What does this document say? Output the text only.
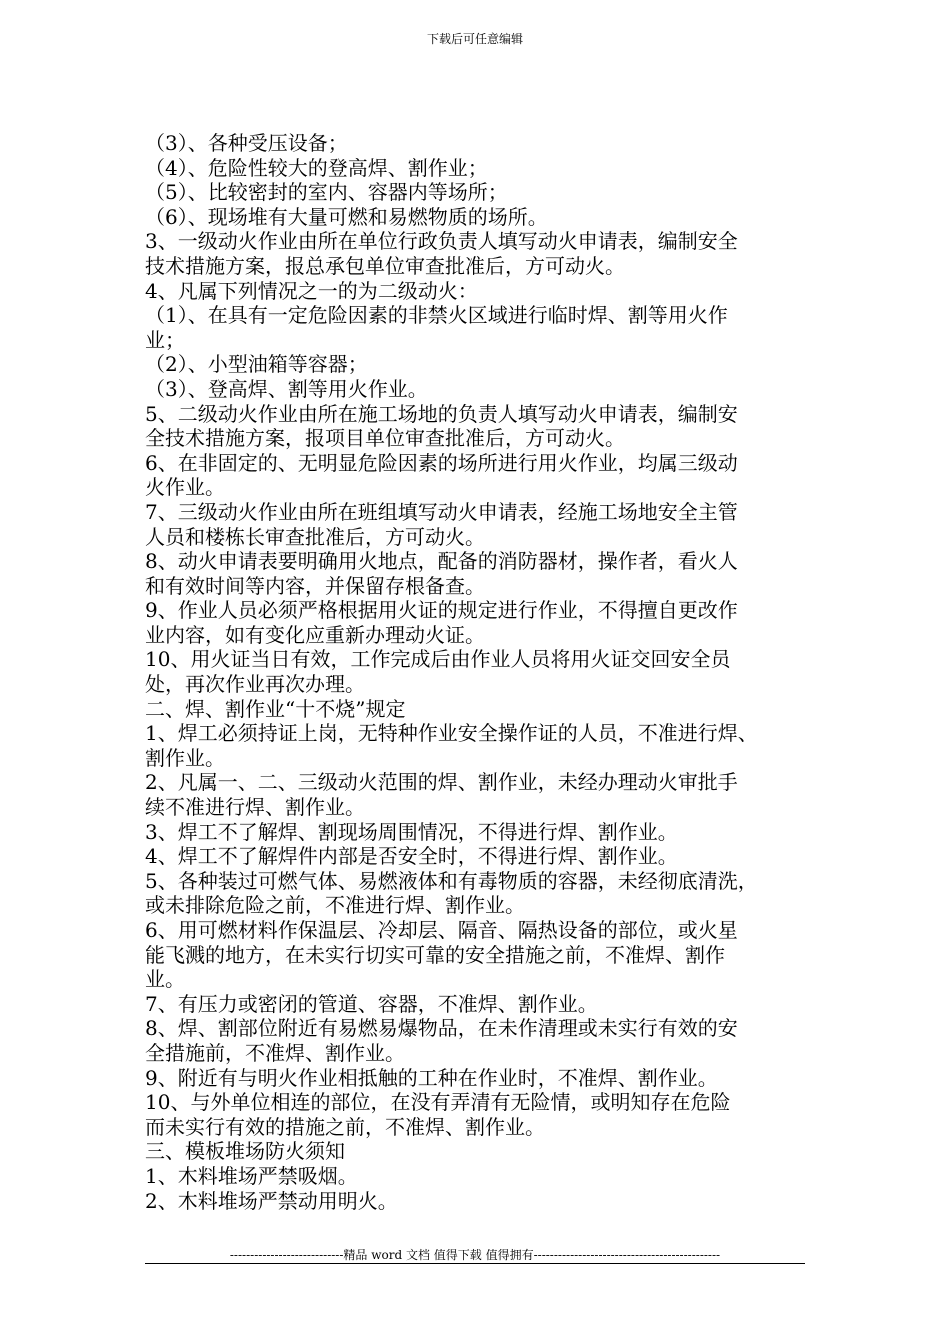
下载后可任意编辑
（3）、各种受压设备；
（4）、危险性较大的登高焊、割作业；
（5）、比较密封的室内、容器内等场所；
（6）、现场堆有大量可燃和易燃物质的场所。
3、一级动火作业由所在单位行政负责人填写动火申请表，编制安全
技术措施方案，报总承包单位审查批准后，方可动火。
4、凡属下列情况之一的为二级动火：
（1）、在具有一定危险因素的非禁火区域进行临时焊、割等用火作
业；
（2）、小型油箱等容器；
（3）、登高焊、割等用火作业。
5、二级动火作业由所在施工场地的负责人填写动火申请表，编制安
全技术措施方案，报项目单位审查批准后，方可动火。
6、在非固定的、无明显危险因素的场所进行用火作业，均属三级动
火作业。
7、三级动火作业由所在班组填写动火申请表，经施工场地安全主管
人员和楼栋长审查批准后，方可动火。
8、动火申请表要明确用火地点，配备的消防器材，操作者，看火人
和有效时间等内容，并保留存根备查。
9、作业人员必须严格根据用火证的规定进行作业，不得擅自更改作
业内容，如有变化应重新办理动火证。
10、用火证当日有效，工作完成后由作业人员将用火证交回安全员
处，再次作业再次办理。
二、焊、割作业“十不烧”规定
1、焊工必须持证上岗，无特种作业安全操作证的人员，不准进行焊、
割作业。
2、凡属一、二、三级动火范围的焊、割作业，未经办理动火审批手
续不准进行焊、割作业。
3、焊工不了解焊、割现场周围情况，不得进行焊、割作业。
4、焊工不了解焊件内部是否安全时，不得进行焊、割作业。
5、各种装过可燃气体、易燃液体和有毒物质的容器，未经彻底清洗，
或未排除危险之前，不准进行焊、割作业。
6、用可燃材料作保温层、冷却层、隔音、隔热设备的部位，或火星
能飞溅的地方，在未实行切实可靠的安全措施之前，不准焊、割作
业。
7、有压力或密闭的管道、容器，不准焊、割作业。
8、焊、割部位附近有易燃易爆物品，在未作清理或未实行有效的安
全措施前，不准焊、割作业。
9、附近有与明火作业相抵触的工种在作业时，不准焊、割作业。
10、与外单位相连的部位，在没有弄清有无险情，或明知存在危险
而未实行有效的措施之前，不准焊、割作业。
三、模板堆场防火须知
1、木料堆场严禁吸烟。
2、木料堆场严禁动用明火。
----------------------------精品 word 文档 值得下载 值得拥有----------------------------------------------
